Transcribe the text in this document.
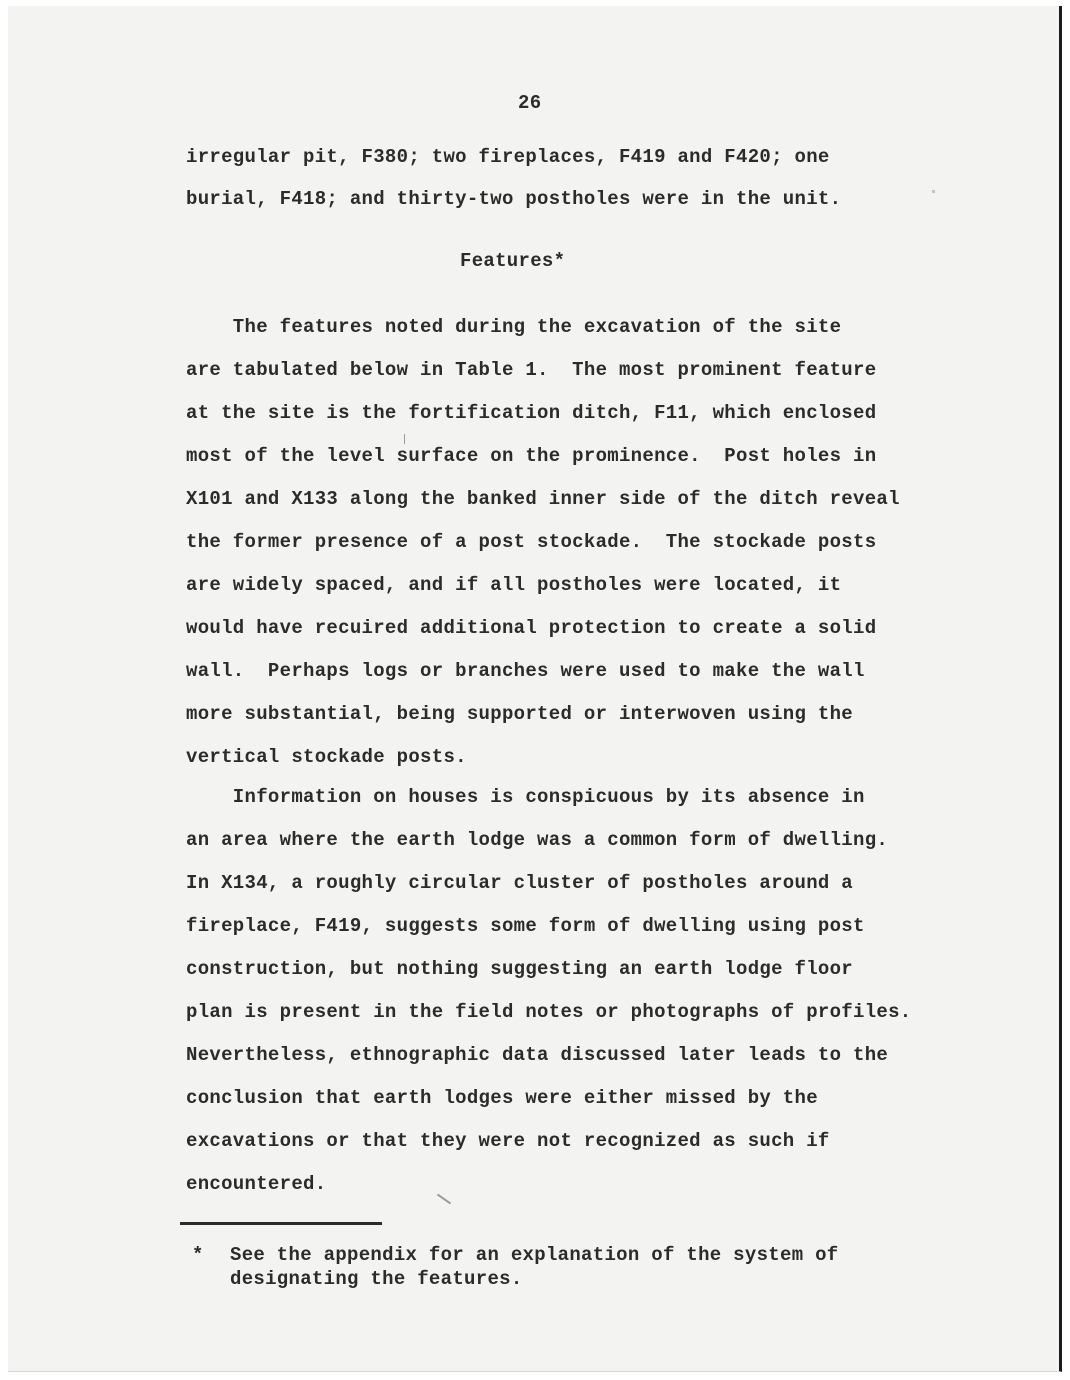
26
irregular pit, F380; two fireplaces, F419 and F420; one
burial, F418; and thirty-two postholes were in the unit.
Features*
The features noted during the excavation of the site
are tabulated below in Table 1.  The most prominent feature
at the site is the fortification ditch, F11, which enclosed
most of the level surface on the prominence.  Post holes in
X101 and X133 along the banked inner side of the ditch reveal
the former presence of a post stockade.  The stockade posts
are widely spaced, and if all postholes were located, it
would have recuired additional protection to create a solid
wall.  Perhaps logs or branches were used to make the wall
more substantial, being supported or interwoven using the
vertical stockade posts.
Information on houses is conspicuous by its absence in
an area where the earth lodge was a common form of dwelling.
In X134, a roughly circular cluster of postholes around a
fireplace, F419, suggests some form of dwelling using post
construction, but nothing suggesting an earth lodge floor
plan is present in the field notes or photographs of profiles.
Nevertheless, ethnographic data discussed later leads to the
conclusion that earth lodges were either missed by the
excavations or that they were not recognized as such if
encountered.
* See the appendix for an explanation of the system of
designating the features.
